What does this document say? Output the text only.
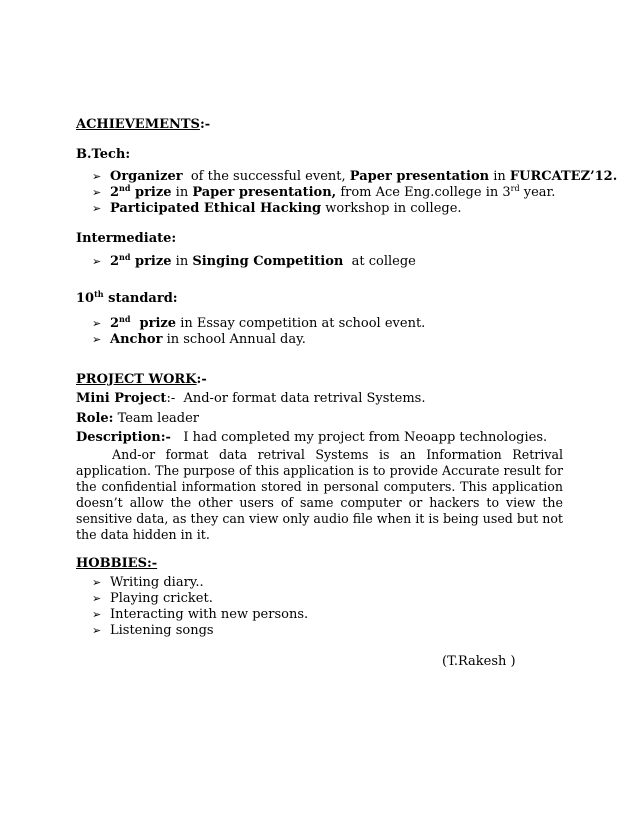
ACHIEVEMENTS:-
B.Tech:
➢ Organizer  of the successful event, Paper presentation in FURCATEZ’12.
➢ 2nd prize in Paper presentation, from Ace Eng.college in 3rd year.
➢ Participated Ethical Hacking workshop in college.
Intermediate:
➢ 2nd prize in Singing Competition  at college
10th standard:
➢ 2nd  prize in Essay competition at school event.
➢ Anchor in school Annual day.
PROJECT WORK:-
Mini Project:-  And-or format data retrival Systems.
Role: Team leader
Description:-   I had completed my project from Neoapp technologies.
And-or format data retrival Systems is an Information Retrival application. The purpose of this application is to provide Accurate result for the confidential information stored in personal computers. This application doesn’t allow the other users of same computer or hackers to view the sensitive data, as they can view only audio file when it is being used but not the data hidden in it.
HOBBIES:-
➢ Writing diary..
➢ Playing cricket.
➢ Interacting with new persons.
➢ Listening songs
(T.Rakesh )
